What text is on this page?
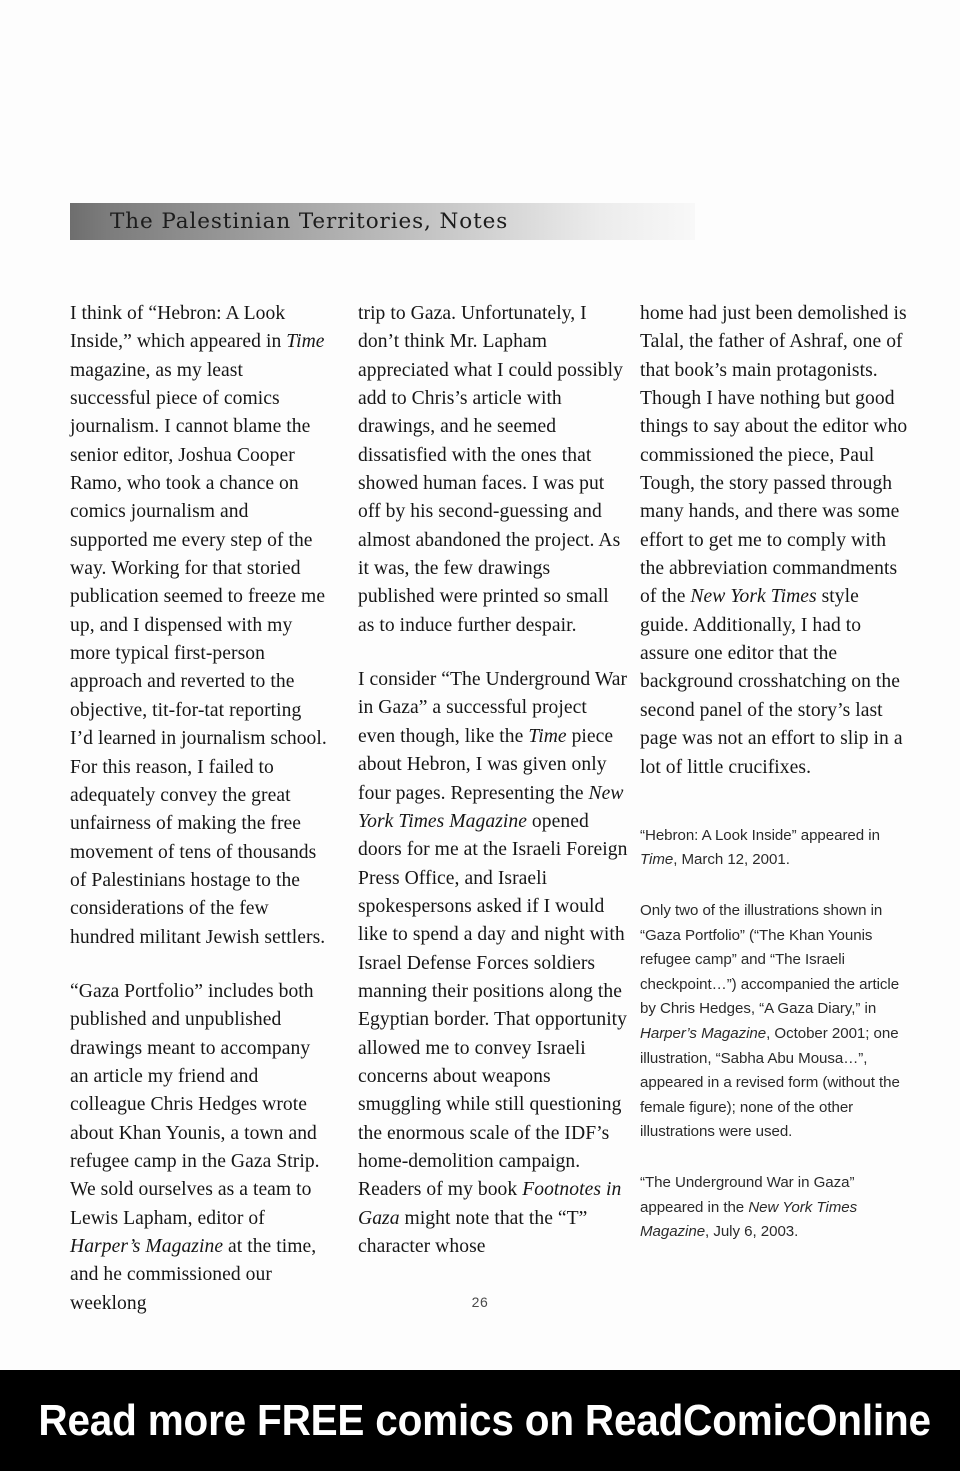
The Palestinian Territories, Notes

I think of “Hebron: A Look Inside,” which appeared in Time magazine, as my least successful piece of comics journalism. I cannot blame the senior editor, Joshua Cooper Ramo, who took a chance on comics journalism and supported me every step of the way. Working for that storied publication seemed to freeze me up, and I dispensed with my more typical first-person approach and reverted to the objective, tit-for-tat reporting I’d learned in journalism school. For this reason, I failed to adequately convey the great unfairness of making the free movement of tens of thousands of Palestinians hostage to the considerations of the few hundred militant Jewish settlers.

“Gaza Portfolio” includes both published and unpublished drawings meant to accompany an article my friend and colleague Chris Hedges wrote about Khan Younis, a town and refugee camp in the Gaza Strip. We sold ourselves as a team to Lewis Lapham, editor of Harper’s Magazine at the time, and he commissioned our weeklong

trip to Gaza. Unfortunately, I don’t think Mr. Lapham appreciated what I could possibly add to Chris’s article with drawings, and he seemed dissatisfied with the ones that showed human faces. I was put off by his second-guessing and almost abandoned the project. As it was, the few drawings published were printed so small as to induce further despair.

I consider “The Underground War in Gaza” a successful project even though, like the Time piece about Hebron, I was given only four pages. Representing the New York Times Magazine opened doors for me at the Israeli Foreign Press Office, and Israeli spokespersons asked if I would like to spend a day and night with Israel Defense Forces soldiers manning their positions along the Egyptian border. That opportunity allowed me to convey Israeli concerns about weapons smuggling while still questioning the enormous scale of the IDF’s home-demolition campaign. Readers of my book Footnotes in Gaza might note that the “T” character whose

home had just been demolished is Talal, the father of Ashraf, one of that book’s main protagonists. Though I have nothing but good things to say about the editor who commissioned the piece, Paul Tough, the story passed through many hands, and there was some effort to get me to comply with the abbreviation commandments of the New York Times style guide. Additionally, I had to assure one editor that the background crosshatching on the second panel of the story’s last page was not an effort to slip in a lot of little crucifixes.

“Hebron: A Look Inside” appeared in Time, March 12, 2001.

Only two of the illustrations shown in “Gaza Portfolio” (“The Khan Younis refugee camp” and “The Israeli checkpoint…”) accompanied the article by Chris Hedges, “A Gaza Diary,” in Harper’s Magazine, October 2001; one illustration, “Sabha Abu Mousa…”, appeared in a revised form (without the female figure); none of the other illustrations were used.

“The Underground War in Gaza” appeared in the New York Times Magazine, July 6, 2003.

26
Read more FREE comics on ReadComicOnline
